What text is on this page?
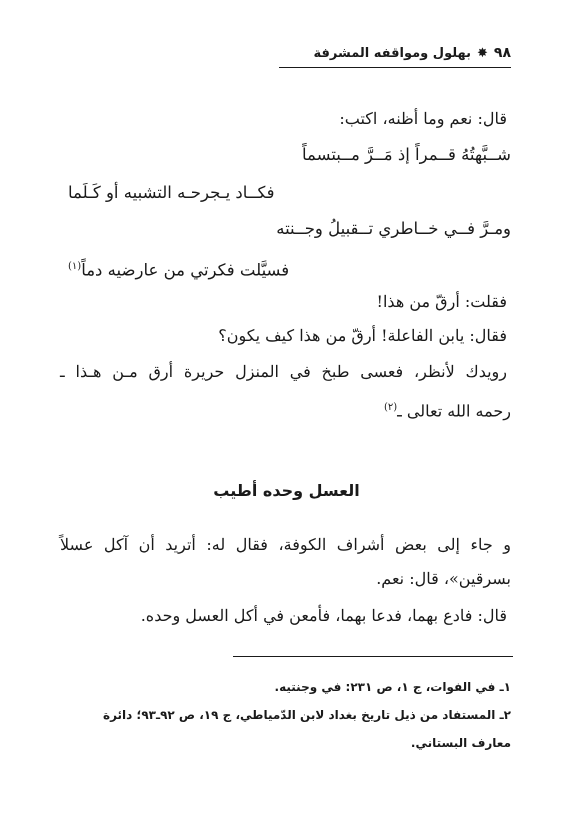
٩٨
✸
بهلول ومواقفه المشرفة
قال: نعم وما أظنه، اكتب:
شــبَّهتُهُ قــمراً إذ مَــرَّ مــبتسماً
فكــاد يـجرحـه التشبيه أو كَـلَما
ومـرَّ فــي خــاطري تــقبيلُ وجــنته
فسيَّلت فكرتي من عارضيه دماً$^{(١)}$
فقلت: أرقّ من هذا!
فقال: يابن الفاعلة! أرقّ من هذا كيف يكون؟
رويدك لأنظر، فعسى طبخ في المنزل حريرة أرق مـن هـذا ـ
رحمه الله تعالى ـ$^{(٢)}$
العسل وحده أطيب
و جاء إلى بعض أشراف الكوفة، فقال له: أتريد أن آكل عسلاً
بسرقين»، قال: نعم.
قال: فادع بهما، فدعا بهما، فأمعن في أكل العسل وحده.
١ـ في الفوات، ج ١، ص ٢٣١: في وجنتيه.
٢ـ المستفاد من ذيل تاريخ بغداد لابن الدّمياطي، ج ١٩، ص ٩٢ـ٩٣؛ دائرة
معارف البستاني.
